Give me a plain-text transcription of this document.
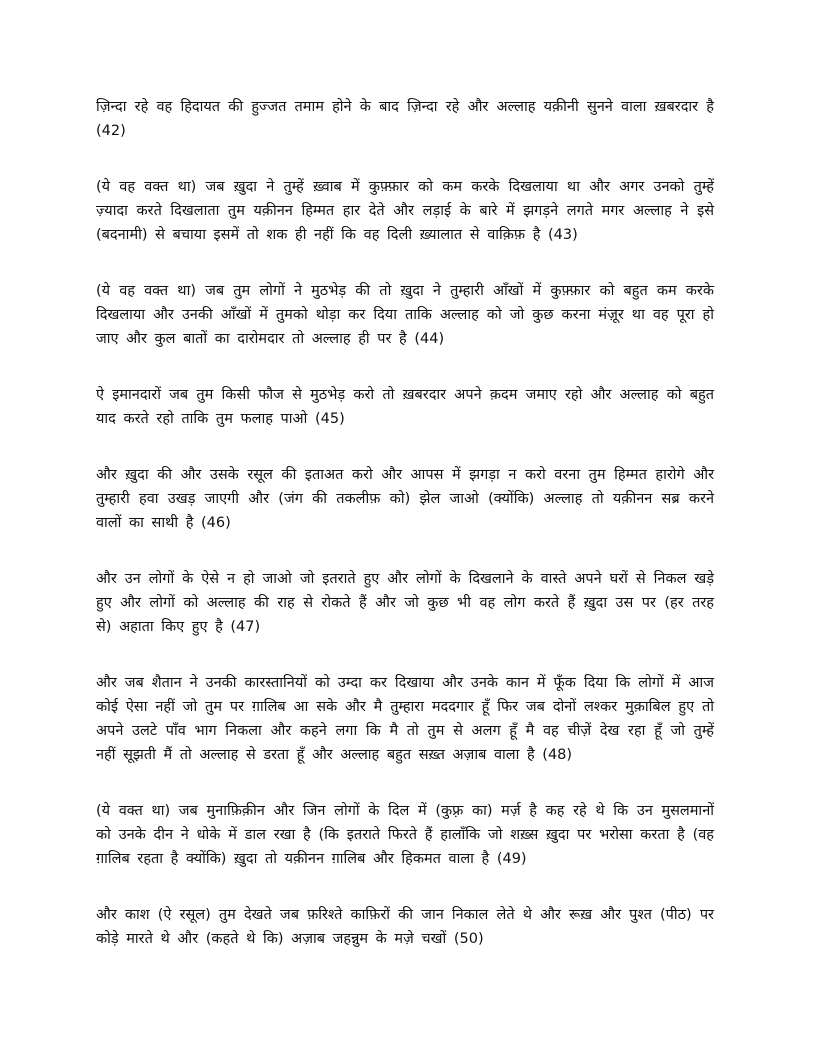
ज़िन्दा रहे वह हिदायत की हुज्जत तमाम होने के बाद ज़िन्दा रहे और अल्लाह यक़ीनी सुनने वाला ख़बरदार है (42)

(ये वह वक्त था) जब ख़ुदा ने तुम्हें ख़्वाब में कुफ़्फ़ार को कम करके दिखलाया था और अगर उनको तुम्हें ज़्यादा करते दिखलाता तुम यक़ीनन हिम्मत हार देते और लड़ाई के बारे में झगड़ने लगते मगर अल्लाह ने इसे (बदनामी) से बचाया इसमें तो शक ही नहीं कि वह दिली ख़्यालात से वाक़िफ़ है (43)

(ये वह वक्त था) जब तुम लोगों ने मुठभेड़ की तो ख़ुदा ने तुम्हारी आँखों में कुफ़्फ़ार को बहुत कम करके दिखलाया और उनकी आँखों में तुमको थोड़ा कर दिया ताकि अल्लाह को जो कुछ करना मंज़ूर था वह पूरा हो जाए और कुल बातों का दारोमदार तो अल्लाह ही पर है (44)

ऐ इमानदारों जब तुम किसी फौज से मुठभेड़ करो तो ख़बरदार अपने क़दम जमाए रहो और अल्लाह को बहुत याद करते रहो ताकि तुम फलाह पाओ (45)

और ख़ुदा की और उसके रसूल की इताअत करो और आपस में झगड़ा न करो वरना तुम हिम्मत हारोगे और तुम्हारी हवा उखड़ जाएगी और (जंग की तकलीफ़ को) झेल जाओ (क्योंकि) अल्लाह तो यक़ीनन सब्र करने वालों का साथी है (46)

और उन लोगों के ऐसे न हो जाओ जो इतराते हुए और लोगों के दिखलाने के वास्ते अपने घरों से निकल खड़े हुए और लोगों को अल्लाह की राह से रोकते हैं और जो कुछ भी वह लोग करते हैं ख़ुदा उस पर (हर तरह से) अहाता किए हुए है (47)

और जब शैतान ने उनकी कारस्तानियों को उम्दा कर दिखाया और उनके कान में फूँक दिया कि लोगों में आज कोई ऐसा नहीं जो तुम पर ग़ालिब आ सके और मै तुम्हारा मददगार हूँ फिर जब दोनों लश्कर मुक़ाबिल हुए तो अपने उलटे पाँव भाग निकला और कहने लगा कि मै तो तुम से अलग हूँ मै वह चीज़ें देख रहा हूँ जो तुम्हें नहीं सूझती मैं तो अल्लाह से डरता हूँ और अल्लाह बहुत सख़्त अज़ाब वाला है (48)

(ये वक्त था) जब मुनाफ़िक़ीन और जिन लोगों के दिल में (कुफ़्र का) मर्ज़ है कह रहे थे कि उन मुसलमानों को उनके दीन ने धोके में डाल रखा है (कि इतराते फिरते हैं हालाँकि जो शख़्स ख़ुदा पर भरोसा करता है (वह ग़ालिब रहता है क्योंकि) ख़ुदा तो यक़ीनन ग़ालिब और हिकमत वाला है (49)

और काश (ऐ रसूल) तुम देखते जब फ़रिश्ते काफ़िरों की जान निकाल लेते थे और रूख़ और पुश्त (पीठ) पर कोड़े मारते थे और (कहते थे कि) अज़ाब जहन्नुम के मज़े चखों (50)
